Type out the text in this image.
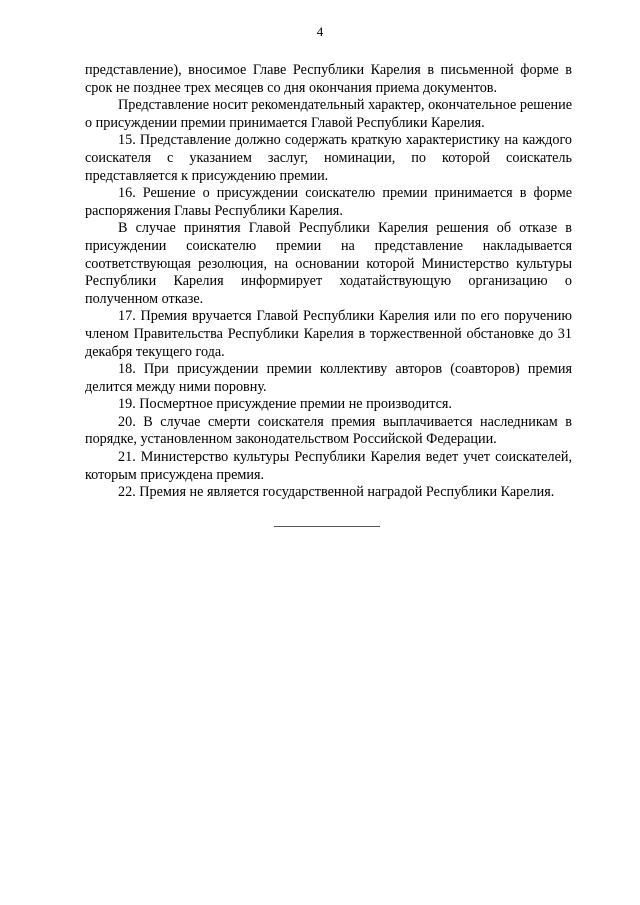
4

представление), вносимое Главе Республики Карелия в письменной форме в срок не позднее трех месяцев со дня окончания приема документов.

Представление носит рекомендательный характер, окончательное решение о присуждении премии принимается Главой Республики Карелия.

15. Представление должно содержать краткую характеристику на каждого соискателя с указанием заслуг, номинации, по которой соискатель представляется к присуждению премии.

16. Решение о присуждении соискателю премии принимается в форме распоряжения Главы Республики Карелия.

В случае принятия Главой Республики Карелия решения об отказе в присуждении соискателю премии на представление накладывается соответствующая резолюция, на основании которой Министерство культуры Республики Карелия информирует ходатайствующую организацию о полученном отказе.

17. Премия вручается Главой Республики Карелия или по его поручению членом Правительства Республики Карелия в торжественной обстановке до 31 декабря текущего года.

18. При присуждении премии коллективу авторов (соавторов) премия делится между ними поровну.

19. Посмертное присуждение премии не производится.

20. В случае смерти соискателя премия выплачивается наследникам в порядке, установленном законодательством Российской Федерации.

21. Министерство культуры Республики Карелия ведет учет соискателей, которым присуждена премия.

22. Премия не является государственной наградой Республики Карелия.
